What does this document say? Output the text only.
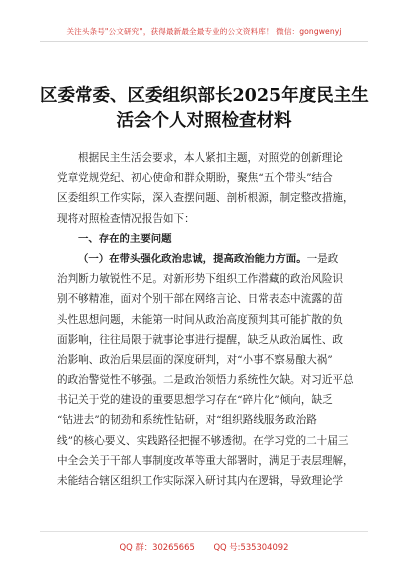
关注头条号"公文研究"，获得最新最全最专业的公文资料库！ 微信：gongwenyj
区委常委、区委组织部长2025年度民主生
活会个人对照检查材料
根据民主生活会要求，本人紧扣主题，对照党的创新理论
党章党规党纪、初心使命和群众期盼，聚焦“五个带头”结合
区委组织工作实际，深入查摆问题、剖析根源，制定整改措施，
现将对照检查情况报告如下：
一、存在的主要问题
（一）在带头强化政治忠诚，提高政治能力方面。一是政
治判断力敏锐性不足。对新形势下组织工作潜藏的政治风险识
别不够精准，面对个别干部在网络言论、日常表态中流露的苗
头性思想问题，未能第一时间从政治高度预判其可能扩散的负
面影响，往往局限于就事论事进行提醒，缺乏从政治属性、政
治影响、政治后果层面的深度研判，对“小事不察易酿大祸”
的政治警觉性不够强。二是政治领悟力系统性欠缺。对习近平总
书记关于党的建设的重要思想学习存在“碎片化”倾向，缺乏
“钻进去”的韧劲和系统性钻研，对“组织路线服务政治路
线”的核心要义、实践路径把握不够透彻。在学习党的二十届三
中全会关于干部人事制度改革等重大部署时，满足于表层理解，
未能结合辖区组织工作实际深入研讨其内在逻辑，导致理论学
QQ 群：30265665 QQ 号:535304092
